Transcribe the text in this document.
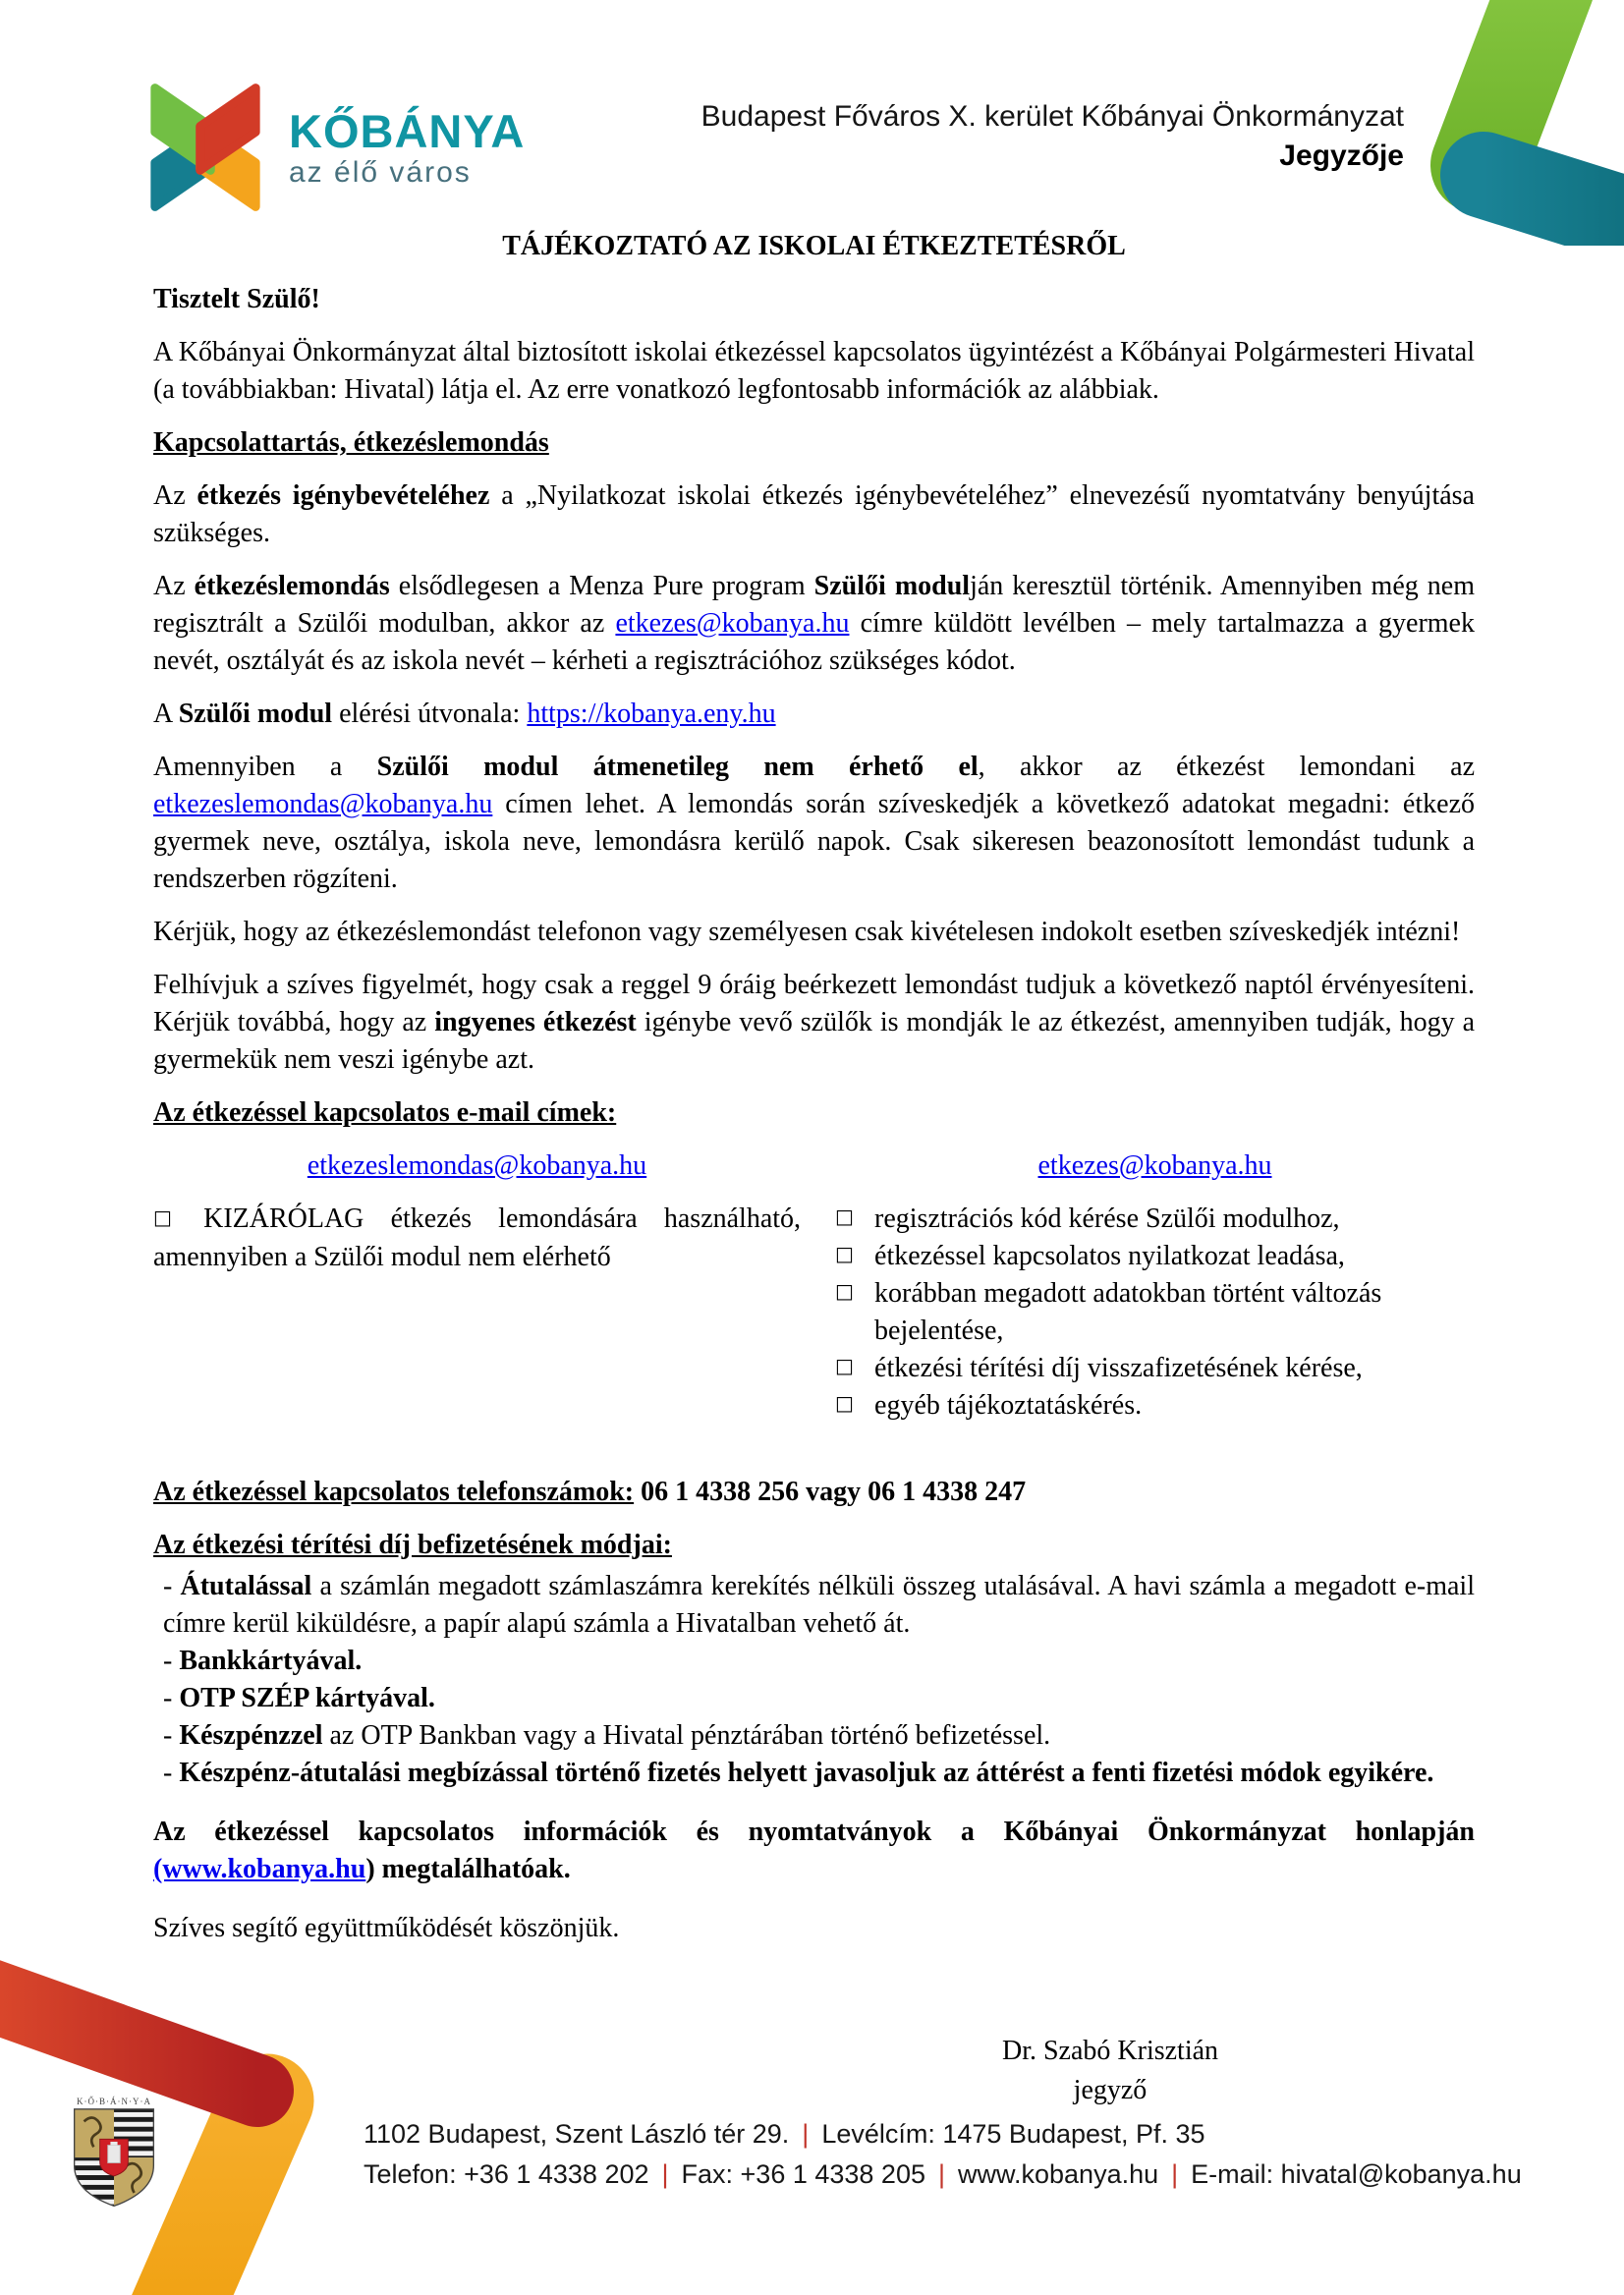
KŐBÁNYA
az élő város
Budapest Főváros X. kerület Kőbányai Önkormányzat
Jegyzője

TÁJÉKOZTATÓ AZ ISKOLAI ÉTKEZTETÉSRŐL

Tisztelt Szülő!

A Kőbányai Önkormányzat által biztosított iskolai étkezéssel kapcsolatos ügyintézést a Kőbányai Polgármesteri Hivatal (a továbbiakban: Hivatal) látja el. Az erre vonatkozó legfontosabb információk az alábbiak.

Kapcsolattartás, étkezéslemondás

Az étkezés igénybevételéhez a „Nyilatkozat iskolai étkezés igénybevételéhez” elnevezésű nyomtatvány benyújtása szükséges.

Az étkezéslemondás elsődlegesen a Menza Pure program Szülői modulján keresztül történik. Amennyiben még nem regisztrált a Szülői modulban, akkor az etkezes@kobanya.hu címre küldött levélben – mely tartalmazza a gyermek nevét, osztályát és az iskola nevét – kérheti a regisztrációhoz szükséges kódot.

A Szülői modul elérési útvonala: https://kobanya.eny.hu

Amennyiben a Szülői modul átmenetileg nem érhető el, akkor az étkezést lemondani az etkezeslemondas@kobanya.hu címen lehet. A lemondás során szíveskedjék a következő adatokat megadni: étkező gyermek neve, osztálya, iskola neve, lemondásra kerülő napok. Csak sikeresen beazonosított lemondást tudunk a rendszerben rögzíteni.

Kérjük, hogy az étkezéslemondást telefonon vagy személyesen csak kivételesen indokolt esetben szíveskedjék intézni!

Felhívjuk a szíves figyelmét, hogy csak a reggel 9 óráig beérkezett lemondást tudjuk a következő naptól érvényesíteni. Kérjük továbbá, hogy az ingyenes étkezést igénybe vevő szülők is mondják le az étkezést, amennyiben tudják, hogy a gyermekük nem veszi igénybe azt.

Az étkezéssel kapcsolatos e-mail címek:

etkezeslemondas@kobanya.hu

□ KIZÁRÓLAG étkezés lemondására használható, amennyiben a Szülői modul nem elérhető

etkezes@kobanya.hu

□ regisztrációs kód kérése Szülői modulhoz,
□ étkezéssel kapcsolatos nyilatkozat leadása,
□ korábban megadott adatokban történt változás bejelentése,
□ étkezési térítési díj visszafizetésének kérése,
□ egyéb tájékoztatáskérés.

Az étkezéssel kapcsolatos telefonszámok: 06 1 4338 256 vagy 06 1 4338 247

Az étkezési térítési díj befizetésének módjai:

- Átutalással a számlán megadott számlaszámra kerekítés nélküli összeg utalásával. A havi számla a megadott e-mail címre kerül kiküldésre, a papír alapú számla a Hivatalban vehető át.

- Bankkártyával.

- OTP SZÉP kártyával.

- Készpénzzel az OTP Bankban vagy a Hivatal pénztárában történő befizetéssel.

- Készpénz-átutalási megbízással történő fizetés helyett javasoljuk az áttérést a fenti fizetési módok egyikére.

Az étkezéssel kapcsolatos információk és nyomtatványok a Kőbányai Önkormányzat honlapján (www.kobanya.hu) megtalálhatóak.

Szíves segítő együttműködését köszönjük.

Dr. Szabó Krisztián
jegyző
K·Ő·B·Á·N·Y·A
1102 Budapest, Szent László tér 29. | Levélcím: 1475 Budapest, Pf. 35
Telefon: +36 1 4338 202 | Fax: +36 1 4338 205 | www.kobanya.hu | E-mail: hivatal@kobanya.hu
